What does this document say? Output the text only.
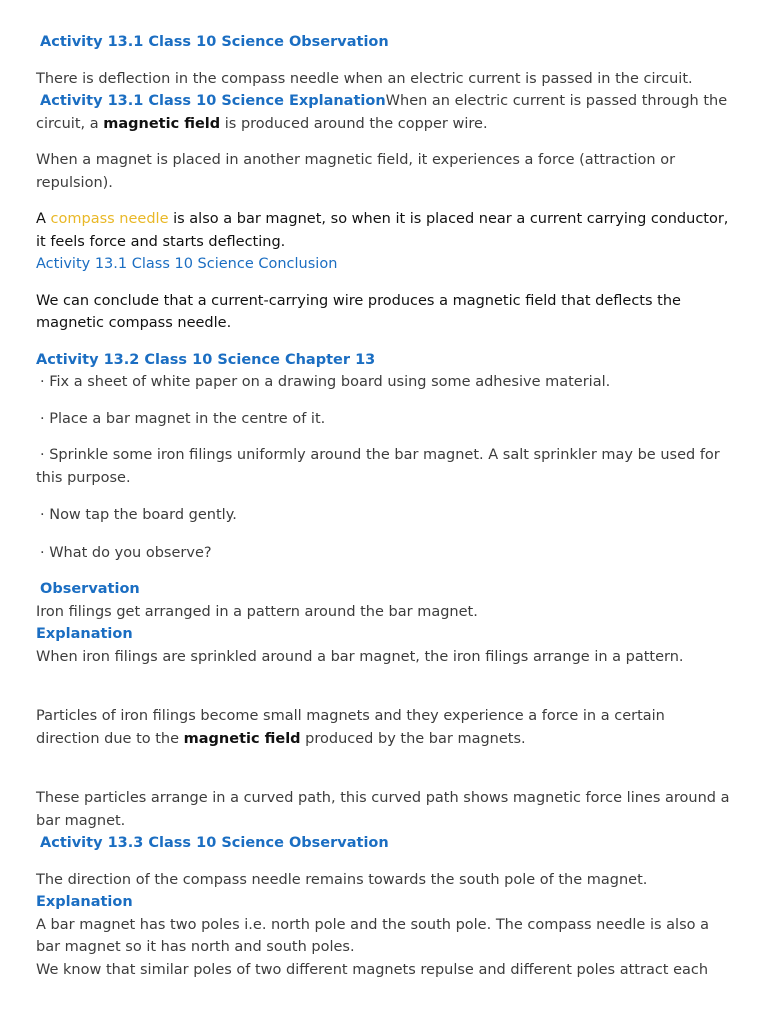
Activity 13.1 Class 10 Science Observation

There is deflection in the compass needle when an electric current is passed in the circuit.

Activity 13.1 Class 10 Science ExplanationWhen an electric current is passed through the circuit, a magnetic field is produced around the copper wire.

When a magnet is placed in another magnetic field, it experiences a force (attraction or repulsion).

A compass needle is also a bar magnet, so when it is placed near a current carrying conductor, it feels force and starts deflecting.

Activity 13.1 Class 10 Science Conclusion

We can conclude that a current-carrying wire produces a magnetic field that deflects the magnetic compass needle.

Activity 13.2 Class 10 Science Chapter 13

· Fix a sheet of white paper on a drawing board using some adhesive material.

· Place a bar magnet in the centre of it.

· Sprinkle some iron filings uniformly around the bar magnet. A salt sprinkler may be used for this purpose.

· Now tap the board gently.

· What do you observe?

Observation

Iron filings get arranged in a pattern around the bar magnet.

Explanation

When iron filings are sprinkled around a bar magnet, the iron filings arrange in a pattern.

Particles of iron filings become small magnets and they experience a force in a certain direction due to the magnetic field produced by the bar magnets.

These particles arrange in a curved path, this curved path shows magnetic force lines around a bar magnet.

Activity 13.3 Class 10 Science Observation

The direction of the compass needle remains towards the south pole of the magnet.

Explanation

A bar magnet has two poles i.e. north pole and the south pole. The compass needle is also a bar magnet so it has north and south poles.

We know that similar poles of two different magnets repulse and different poles attract each
